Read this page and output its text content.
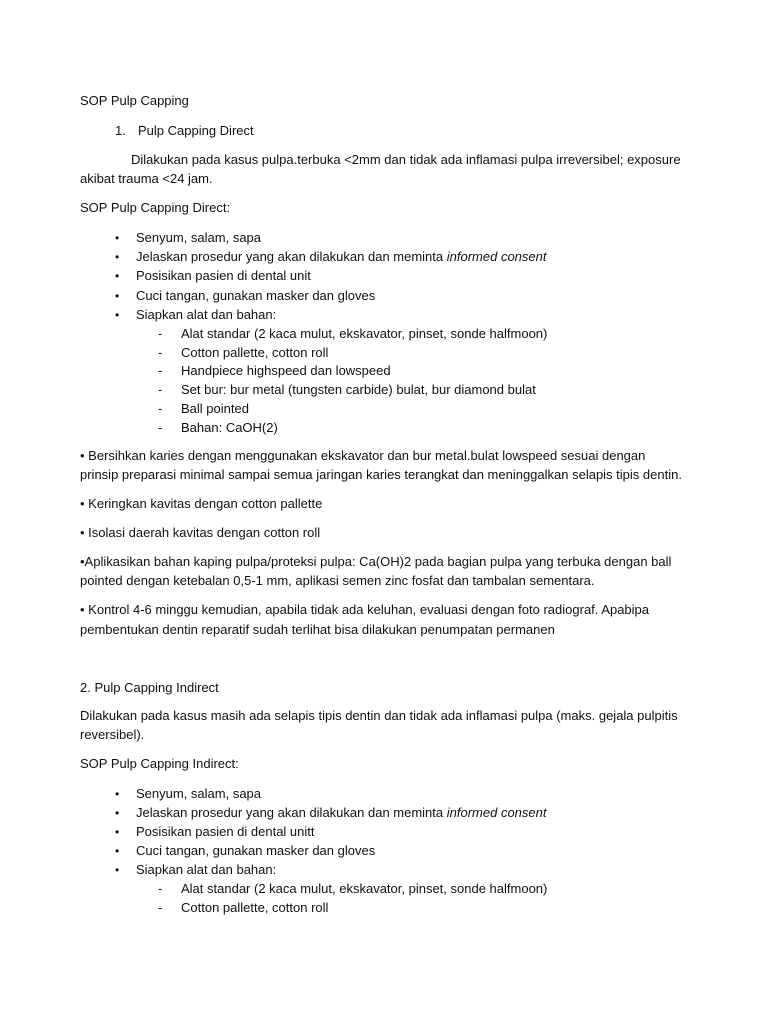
SOP Pulp Capping
1. Pulp Capping Direct
Dilakukan pada kasus pulpa.terbuka <2mm dan tidak ada inflamasi pulpa irreversibel; exposure
akibat trauma <24 jam.
SOP Pulp Capping Direct:
• Senyum, salam, sapa
• Jelaskan prosedur yang akan dilakukan dan meminta informed consent
• Posisikan pasien di dental unit
• Cuci tangan, gunakan masker dan gloves
• Siapkan alat dan bahan:
- Alat standar (2 kaca mulut, ekskavator, pinset, sonde halfmoon)
- Cotton pallette, cotton roll
- Handpiece highspeed dan lowspeed
- Set bur: bur metal (tungsten carbide) bulat, bur diamond bulat
- Ball pointed
- Bahan: CaOH(2)
• Bersihkan karies dengan menggunakan ekskavator dan bur metal.bulat lowspeed sesuai dengan
prinsip preparasi minimal sampai semua jaringan karies terangkat dan meninggalkan selapis tipis dentin.
• Keringkan kavitas dengan cotton pallette
• Isolasi daerah kavitas dengan cotton roll
•Aplikasikan bahan kaping pulpa/proteksi pulpa: Ca(OH)2 pada bagian pulpa yang terbuka dengan ball
pointed dengan ketebalan 0,5-1 mm, aplikasi semen zinc fosfat dan tambalan sementara.
• Kontrol 4-6 minggu kemudian, apabila tidak ada keluhan, evaluasi dengan foto radiograf. Apabipa
pembentukan dentin reparatif sudah terlihat bisa dilakukan penumpatan permanen
2. Pulp Capping Indirect
Dilakukan pada kasus masih ada selapis tipis dentin dan tidak ada inflamasi pulpa (maks. gejala pulpitis
reversibel).
SOP Pulp Capping Indirect:
• Senyum, salam, sapa
• Jelaskan prosedur yang akan dilakukan dan meminta informed consent
• Posisikan pasien di dental unitt
• Cuci tangan, gunakan masker dan gloves
• Siapkan alat dan bahan:
- Alat standar (2 kaca mulut, ekskavator, pinset, sonde halfmoon)
- Cotton pallette, cotton roll
